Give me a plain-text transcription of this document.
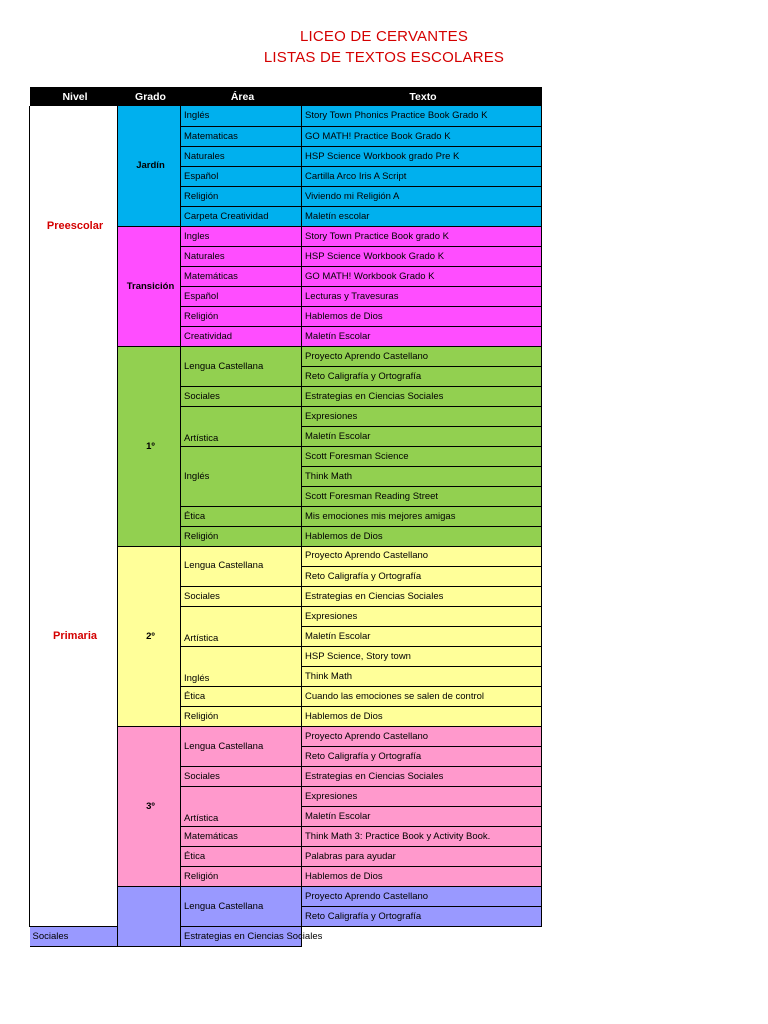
LICEO DE CERVANTES
LISTAS DE TEXTOS ESCOLARES
Nivel	Grado	Área	Texto
Preescolar	Jardín	Inglés	Story Town Phonics Practice Book Grado K
		Matematicas	GO MATH! Practice Book Grado K
		Naturales	HSP Science Workbook grado Pre K
		Español	Cartilla Arco Iris A Script
		Religión	Viviendo mi Religión A
		Carpeta Creatividad	Maletín escolar
	Transición	Ingles	Story Town Practice Book grado K
		Naturales	HSP Science Workbook Grado K
		Matemáticas	GO MATH! Workbook Grado K
		Español	Lecturas y Travesuras
		Religión	Hablemos de Dios
		Creatividad	Maletín Escolar
Primaria	1º	Lengua Castellana	Proyecto Aprendo Castellano
			Reto Caligrafía y Ortografía
		Sociales	Estrategias en Ciencias Sociales
		Artística	Expresiones
			Maletín Escolar
		Inglés	Scott Foresman Science
			Think Math
			Scott Foresman Reading Street
		Ética	Mis emociones mis mejores amigas
		Religión	Hablemos de Dios

	2º	Lengua Castellana	Proyecto Aprendo Castellano
			Reto Caligrafía y Ortografía
		Sociales	Estrategias en Ciencias Sociales
		Artística	Expresiones
			Maletín Escolar
		Inglés	HSP Science, Story town
			Think Math
		Ética	Cuando las emociones se salen de control
		Religión	Hablemos de Dios
	3º	Lengua Castellana	Proyecto Aprendo Castellano
			Reto Caligrafía y Ortografía
		Sociales	Estrategias en Ciencias Sociales
		Artística	Expresiones
			Maletín Escolar
		Matemáticas	Think Math 3: Practice Book y Activity Book.
		Ética	Palabras para ayudar
		Religión	Hablemos de Dios
		Lengua Castellana	Proyecto Aprendo Castellano
			Reto Caligrafía y Ortografía
Sociales		Estrategias en Ciencias Sociales	
